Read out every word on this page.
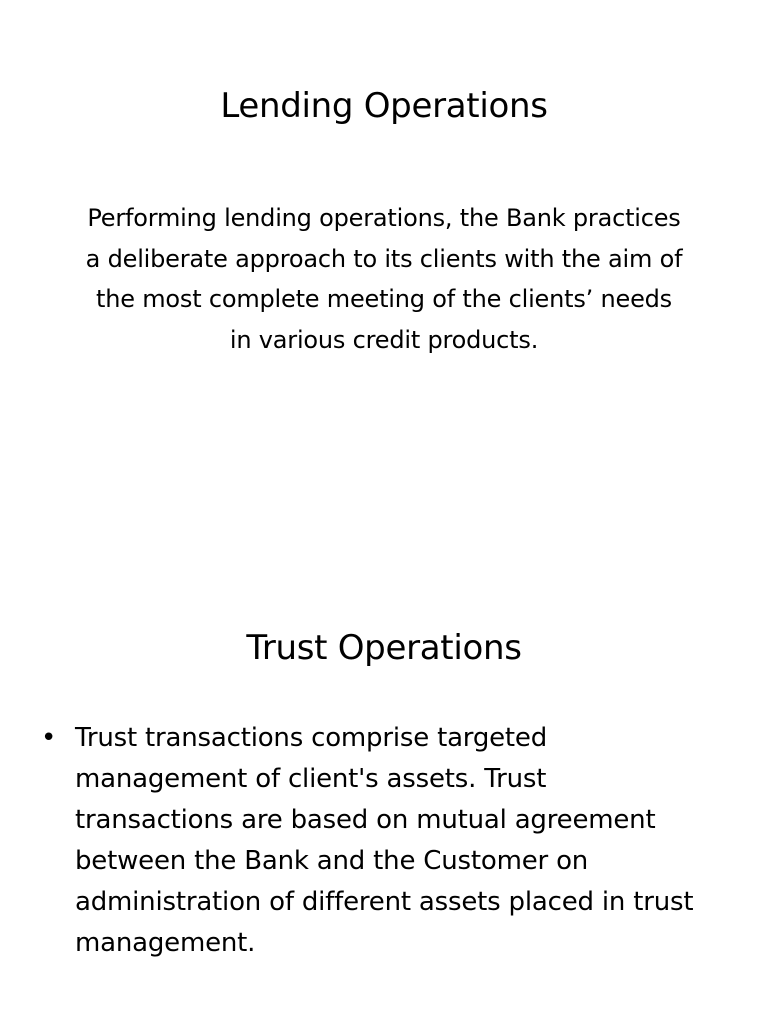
Lending Operations

Performing lending operations, the Bank practices a deliberate approach to its clients with the aim of the most complete meeting of the clients’ needs in various credit products.

Trust Operations
• Trust transactions comprise targeted management of client's assets. Trust transactions are based on mutual agreement between the Bank and the Customer on administration of different assets placed in trust management.
